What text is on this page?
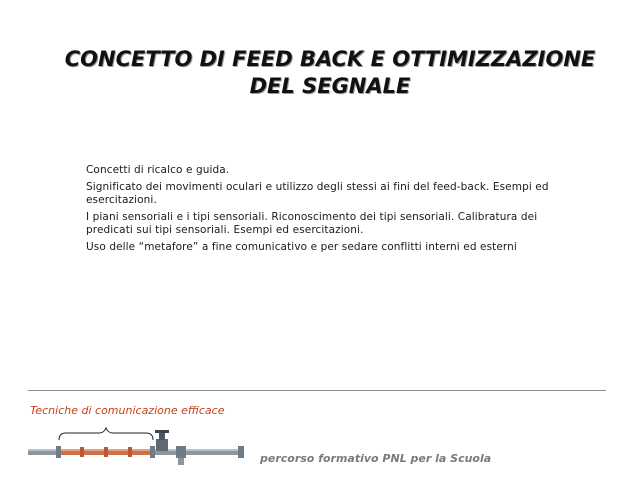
CONCETTO DI FEED BACK E OTTIMIZZAZIONE
DEL SEGNALE
Concetti di ricalco e guida.
Significato dei movimenti oculari e utilizzo degli stessi ai fini del feed-back. Esempi ed esercitazioni.
I piani sensoriali e i tipi sensoriali. Riconoscimento dei tipi sensoriali. Calibratura dei predicati sui tipi sensoriali. Esempi ed esercitazioni.
Uso delle “metafore” a fine comunicativo e per sedare conflitti interni ed esterni
Tecniche di comunicazione efficace
percorso formativo PNL per la Scuola
